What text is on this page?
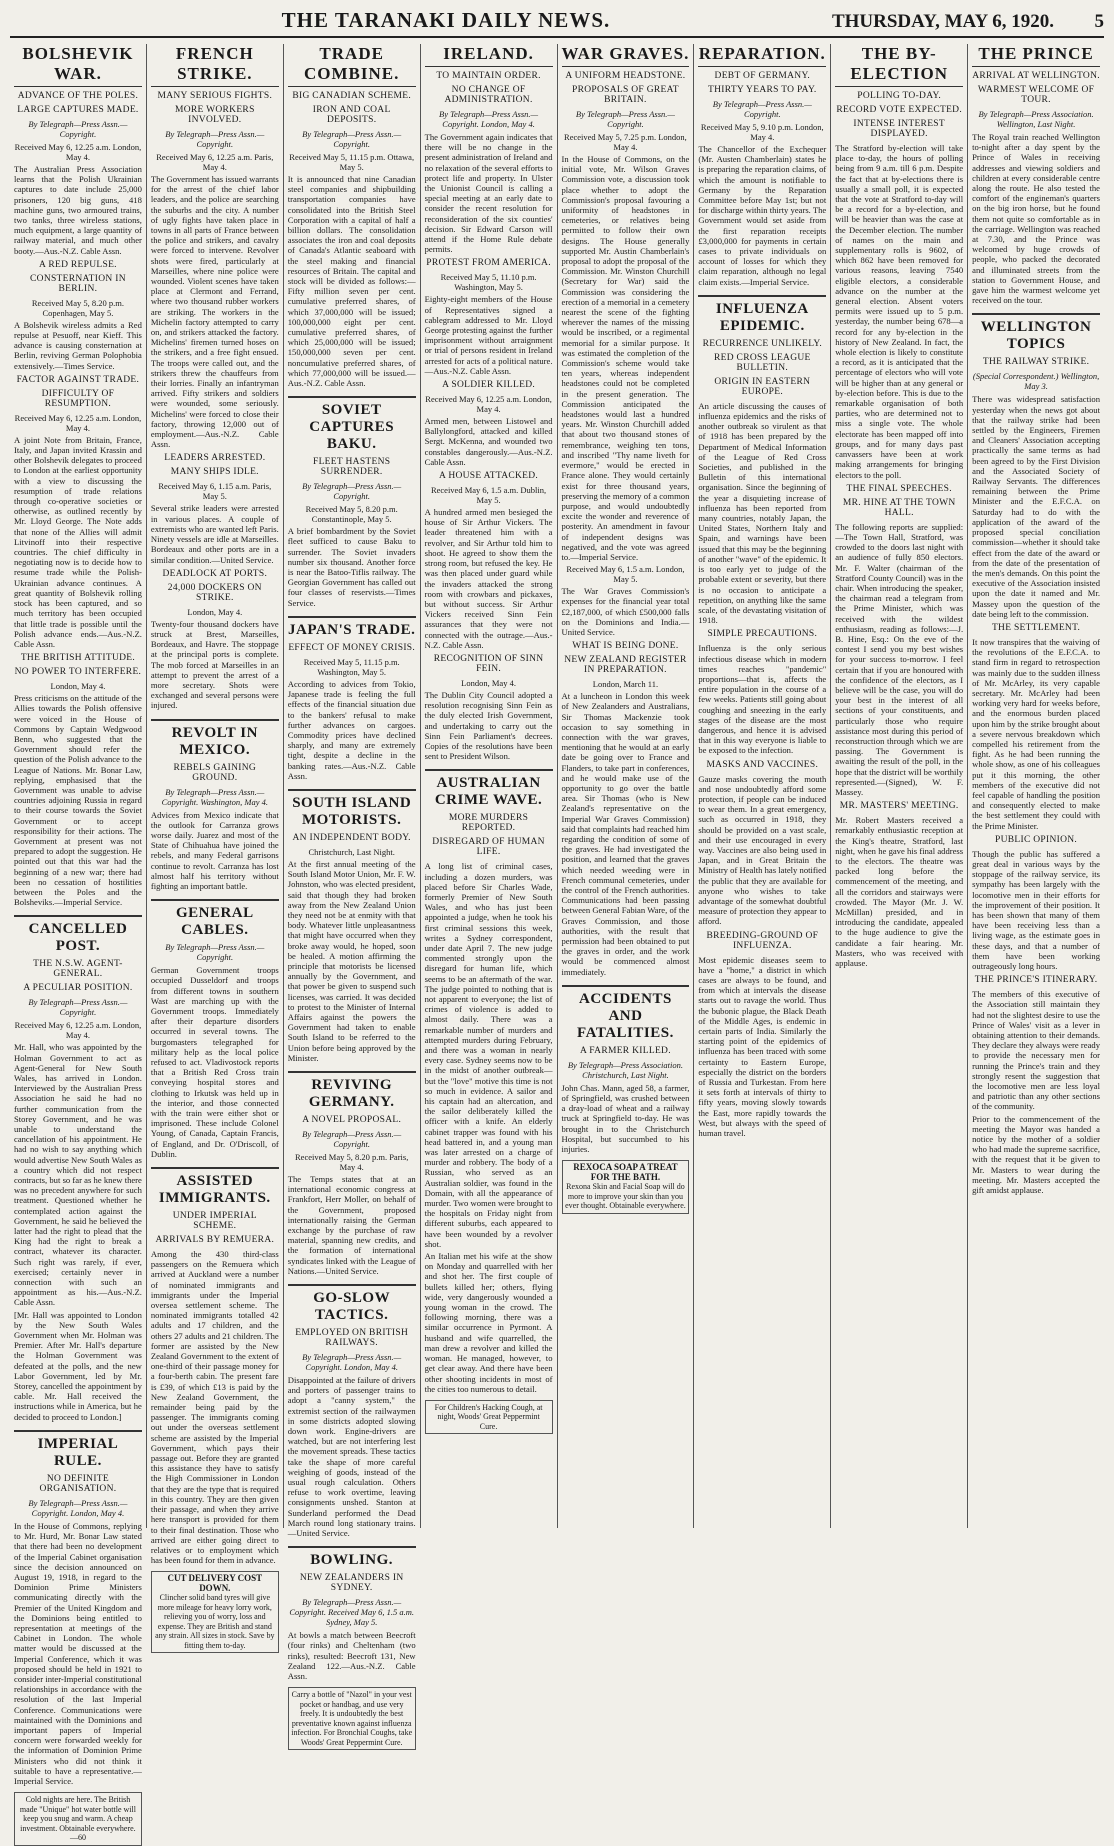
THE TARANAKI DAILY NEWS.	THURSDAY, MAY 6, 1920.	5
BOLSHEVIK WAR.
ADVANCE OF THE POLES.
LARGE CAPTURES MADE.
By Telegraph—Press Assn.—Copyright.
Received May 6, 12.25 a.m. London, May 4.

The Australian Press Association learns that the Polish Ukrainian captures to date include 25,000 prisoners, 120 big guns, 418 machine guns, two armoured trains, two tanks, three wireless stations, much equipment, a large quantity of railway material, and much other booty.—Aus.-N.Z. Cable Assn.

A RED REPULSE.
CONSTERNATION IN BERLIN.
Received May 5, 8.20 p.m. Copenhagen, May 5.

A Bolshevik wireless admits a Red repulse at Pesuoff, near Kieff. This advance is causing consternation at Berlin, reviving German Polophobia extensively.—Times Service.

FACTOR AGAINST TRADE.
DIFFICULTY OF RESUMPTION.
Received May 6, 12.25 a.m. London, May 4.

A joint Note from Britain, France, Italy, and Japan invited Krassin and other Bolshevik delegates to proceed to London at the earliest opportunity with a view to discussing the resumption of trade relations through co-operative societies or otherwise, as outlined recently by Mr. Lloyd George. The Note adds that none of the Allies will admit Litvinoff into their respective countries. The chief difficulty in negotiating now is to decide how to resume trade while the Polish-Ukrainian advance continues. A great quantity of Bolshevik rolling stock has been captured, and so much territory has been occupied that little trade is possible until the Polish advance ends.—Aus.-N.Z. Cable Assn.

THE BRITISH ATTITUDE.
NO POWER TO INTERFERE.
London, May 4.

Press criticisms on the attitude of the Allies towards the Polish offensive were voiced in the House of Commons by Captain Wedgwood Benn, who suggested that the Government should refer the question of the Polish advance to the League of Nations. Mr. Bonar Law, replying, emphasised that the Government was unable to advise countries adjoining Russia in regard to their course towards the Soviet Government or to accept responsibility for their actions. The Government at present was not prepared to adopt the suggestion. He pointed out that this war had the beginning of a new war; there had been no cessation of hostilities between the Poles and the Bolsheviks.—Imperial Service.

CANCELLED POST.
THE N.S.W. AGENT-GENERAL.
A PECULIAR POSITION.
By Telegraph—Press Assn.—Copyright.
Received May 6, 12.25 a.m. London, May 4.

Mr. Hall, who was appointed by the Holman Government to act as Agent-General for New South Wales, has arrived in London. Interviewed by the Australian Press Association he said he had no further communication from the Storey Government, and he was unable to understand the cancellation of his appointment. He had no wish to say anything which would advertise New South Wales as a country which did not respect contracts, but so far as he knew there was no precedent anywhere for such treatment. Questioned whether he contemplated action against the Government, he said he believed the latter had the right to plead that the King had the right to break a contract, whatever its character. Such right was rarely, if ever, exercised; certainly never in connection with such an appointment as his.—Aus.-N.Z. Cable Assn.

[Mr. Hall was appointed to London by the New South Wales Government when Mr. Holman was Premier. After Mr. Hall's departure the Holman Government was defeated at the polls, and the new Labor Government, led by Mr. Storey, cancelled the appointment by cable. Mr. Hall received the instructions while in America, but he decided to proceed to London.]

IMPERIAL RULE.
NO DEFINITE ORGANISATION.
By Telegraph—Press Assn.—Copyright. London, May 4.

In the House of Commons, replying to Mr. Hurd, Mr. Bonar Law stated that there had been no development of the Imperial Cabinet organisation since the decision announced on August 19, 1918, in regard to the Dominion Prime Ministers communicating directly with the Premier of the United Kingdom and the Dominions being entitled to representation at meetings of the Cabinet in London. The whole matter would be discussed at the Imperial Conference, which it was proposed should be held in 1921 to consider inter-Imperial constitutional relationships in accordance with the resolution of the last Imperial Conference. Communications were maintained with the Dominions and important papers of Imperial concern were forwarded weekly for the information of Dominion Prime Ministers who did not think it suitable to have a representative.—Imperial Service.

Cold nights are here. The British made "Unique" hot water bottle will keep you snug and warm. A cheap investment. Obtainable everywhere.—60
FRENCH STRIKE.
MANY SERIOUS FIGHTS.
MORE WORKERS INVOLVED.
By Telegraph—Press Assn.—Copyright.
Received May 6, 12.25 a.m. Paris, May 4.

The Government has issued warrants for the arrest of the chief labor leaders, and the police are searching the suburbs and the city. A number of ugly fights have taken place in towns in all parts of France between the police and strikers, and cavalry were forced to intervene. Revolver shots were fired, particularly at Marseilles, where nine police were wounded. Violent scenes have taken place at Clermont and Ferrand, where two thousand rubber workers are striking. The workers in the Michelin factory attempted to carry on, and strikers attacked the factory. Michelins' firemen turned hoses on the strikers, and a free fight ensued. The troops were called out, and the strikers threw the chauffeurs from their lorries. Finally an infantryman arrived. Fifty strikers and soldiers were wounded, some seriously. Michelins' were forced to close their factory, throwing 12,000 out of employment.—Aus.-N.Z. Cable Assn.

LEADERS ARRESTED.
MANY SHIPS IDLE.
Received May 6, 1.15 a.m. Paris, May 5.

Several strike leaders were arrested in various places. A couple of extremists who are wanted left Paris. Ninety vessels are idle at Marseilles. Bordeaux and other ports are in a similar condition.—United Service.

DEADLOCK AT PORTS.
24,000 DOCKERS ON STRIKE.
London, May 4.

Twenty-four thousand dockers have struck at Brest, Marseilles, Bordeaux, and Havre. The stoppage at the principal ports is complete. The mob forced at Marseilles in an attempt to prevent the arrest of a more secretary. Shots were exchanged and several persons were injured.

REVOLT IN MEXICO.
REBELS GAINING GROUND.
By Telegraph—Press Assn.—Copyright. Washington, May 4.

Advices from Mexico indicate that the outlook for Carranza grows worse daily. Juarez and most of the State of Chihuahua have joined the rebels, and many Federal garrisons continue to revolt. Carranza has lost almost half his territory without fighting an important battle.

GENERAL CABLES.
By Telegraph—Press Assn.—Copyright.

German Government troops occupied Dusseldorf and troops from different towns in southern Wast are marching up with the Government troops. Immediately after their departure disorders occurred in several towns. The burgomasters telegraphed for military help as the local police refused to act. Vladivostock reports that a British Red Cross train conveying hospital stores and clothing to Irkutsk was held up in the interior, and those connected with the train were either shot or imprisoned. These include Colonel Young, of Canada, Captain Francis, of England, and Dr. O'Driscoll, of Dublin.

ASSISTED IMMIGRANTS.
UNDER IMPERIAL SCHEME.
ARRIVALS BY REMUERA.

Among the 430 third-class passengers on the Remuera which arrived at Auckland were a number of nominated immigrants and immigrants under the Imperial oversea settlement scheme. The nominated immigrants totalled 42 adults and 17 children, and the others 27 adults and 21 children. The former are assisted by the New Zealand Government to the extent of one-third of their passage money for a four-berth cabin. The present fare is £39, of which £13 is paid by the New Zealand Government, the remainder being paid by the passenger. The immigrants coming out under the overseas settlement scheme are assisted by the Imperial Government, which pays their passage out. Before they are granted this assistance they have to satisfy the High Commissioner in London that they are the type that is required in this country. They are then given their passage, and when they arrive here transport is provided for them to their final destination. Those who arrived are either going direct to relatives or to employment which has been found for them in advance.

CUT DELIVERY COST DOWN.
Clincher solid band tyres will give more mileage for heavy lorry work, relieving you of worry, loss and expense. They are British and stand any strain. All sizes in stock. Save by fitting them to-day.
TRADE COMBINE.
BIG CANADIAN SCHEME.
IRON AND COAL DEPOSITS.
By Telegraph—Press Assn.—Copyright.
Received May 5, 11.15 p.m. Ottawa, May 5.

It is announced that nine Canadian steel companies and shipbuilding transportation companies have consolidated into the British Steel Corporation with a capital of half a billion dollars. The consolidation associates the iron and coal deposits of Canada's Atlantic seaboard with the steel making and financial resources of Britain. The capital and stock will be divided as follows:—Fifty million seven per cent. cumulative preferred shares, of which 37,000,000 will be issued; 100,000,000 eight per cent. cumulative preferred shares, of which 25,000,000 will be issued; 150,000,000 seven per cent. noncumulative preferred shares, of which 77,000,000 will be issued.—Aus.-N.Z. Cable Assn.

SOVIET CAPTURES BAKU.
FLEET HASTENS SURRENDER.
By Telegraph—Press Assn.—Copyright.
Received May 5, 8.20 p.m. Constantinople, May 5.

A brief bombardment by the Soviet fleet sufficed to cause Baku to surrender. The Soviet invaders number six thousand. Another force is near the Batoo-Tiflis railway. The Georgian Government has called out four classes of reservists.—Times Service.

JAPAN'S TRADE.
EFFECT OF MONEY CRISIS.
Received May 5, 11.15 p.m. Washington, May 5.

According to advices from Tokio, Japanese trade is feeling the full effects of the financial situation due to the bankers' refusal to make further advances on cargoes. Commodity prices have declined sharply, and many are extremely tight, despite a decline in the banking rates.—Aus.-N.Z. Cable Assn.

SOUTH ISLAND MOTORISTS.
AN INDEPENDENT BODY.
Christchurch, Last Night.

At the first annual meeting of the South Island Motor Union, Mr. F. W. Johnston, who was elected president, said that though they had broken away from the New Zealand Union they need not be at enmity with that body. Whatever little unpleasantness that might have occurred when they broke away would, he hoped, soon be healed. A motion affirming the principle that motorists be licensed annually by the Government, and that power be given to suspend such licenses, was carried. It was decided to protest to the Minister of Internal Affairs against the powers the Government had taken to enable South Island to be referred to the Union before being approved by the Minister.

REVIVING GERMANY.
A NOVEL PROPOSAL.
By Telegraph—Press Assn.—Copyright.
Received May 5, 8.20 p.m. Paris, May 4.

The Temps states that at an international economic congress at Frankfort, Herr Moller, on behalf of the Government, proposed internationally raising the German exchange by the purchase of raw material, spanning new credits, and the formation of international syndicates linked with the League of Nations.—United Service.

GO-SLOW TACTICS.
EMPLOYED ON BRITISH RAILWAYS.
By Telegraph—Press Assn.—Copyright. London, May 4.

Disappointed at the failure of drivers and porters of passenger trains to adopt a "canny system," the extremist section of the railwaymen in some districts adopted slowing down work. Engine-drivers are watched, but are not interfering lest the movement spreads. These tactics take the shape of more careful weighing of goods, instead of the usual rough calculation. Others refuse to work overtime, leaving consignments unshed. Stanton at Sunderland performed the Dead March round long stationary trains.—United Service.

BOWLING.
NEW ZEALANDERS IN SYDNEY.
By Telegraph—Press Assn.—Copyright. Received May 6, 1.5 a.m. Sydney, May 5.

At bowls a match between Beecroft (four rinks) and Cheltenham (two rinks), resulted: Beecroft 131, New Zealand 122.—Aus.-N.Z. Cable Assn.

Carry a bottle of "Nazol" in your vest pocket or handbag, and use very freely. It is undoubtedly the best preventative known against influenza infection. For Bronchial Coughs, take Woods' Great Peppermint Cure.
IRELAND.
TO MAINTAIN ORDER.
NO CHANGE OF ADMINISTRATION.
By Telegraph—Press Assn.—Copyright. London, May 4.

The Government again indicates that there will be no change in the present administration of Ireland and no relaxation of the several efforts to protect life and property. In Ulster the Unionist Council is calling a special meeting at an early date to consider the recent resolution for reconsideration of the six counties' decision. Sir Edward Carson will attend if the Home Rule debate permits.

PROTEST FROM AMERICA.
Received May 5, 11.10 p.m. Washington, May 5.

Eighty-eight members of the House of Representatives signed a cablegram addressed to Mr. Lloyd George protesting against the further imprisonment without arraignment or trial of persons resident in Ireland arrested for acts of a political nature.—Aus.-N.Z. Cable Assn.

A SOLDIER KILLED.
Received May 6, 12.25 a.m. London, May 4.

Armed men, between Listowel and Ballylongford, attacked and killed Sergt. McKenna, and wounded two constables dangerously.—Aus.-N.Z. Cable Assn.

A HOUSE ATTACKED.
Received May 6, 1.5 a.m. Dublin, May 5.

A hundred armed men besieged the house of Sir Arthur Vickers. The leader threatened him with a revolver, and Sir Arthur told him to shoot. He agreed to show them the strong room, but refused the key. He was then placed under guard while the invaders attacked the strong room with crowbars and pickaxes, but without success. Sir Arthur Vickers received Sinn Fein assurances that they were not connected with the outrage.—Aus.-N.Z. Cable Assn.

RECOGNITION OF SINN FEIN.
London, May 4.

The Dublin City Council adopted a resolution recognising Sinn Fein as the duly elected Irish Government, and undertaking to carry out the Sinn Fein Parliament's decrees. Copies of the resolutions have been sent to President Wilson.

AUSTRALIAN CRIME WAVE.
MORE MURDERS REPORTED.
DISREGARD OF HUMAN LIFE.

A long list of criminal cases, including a dozen murders, was placed before Sir Charles Wade, formerly Premier of New South Wales, and who has just been appointed a judge, when he took his first criminal sessions this week, writes a Sydney correspondent, under date April 7. The new judge commented strongly upon the disregard for human life, which seems to be an aftermath of the war. The judge pointed to nothing that is not apparent to everyone; the list of crimes of violence is added to almost daily. There was a remarkable number of murders and attempted murders during February, and there was a woman in nearly every case. Sydney seems now to be in the midst of another outbreak—but the "love" motive this time is not so much in evidence. A sailor and his captain had an altercation, and the sailor deliberately killed the officer with a knife. An elderly cabinet trapper was found with his head battered in, and a young man was later arrested on a charge of murder and robbery. The body of a Russian, who served as an Australian soldier, was found in the Domain, with all the appearance of murder. Two women were brought to the hospitals on Friday night from different suburbs, each appeared to have been wounded by a revolver shot.

An Italian met his wife at the show on Monday and quarrelled with her and shot her. The first couple of bullets killed her; others, flying wide, very dangerously wounded a young woman in the crowd. The following morning, there was a similar occurrence in Pyrmont. A husband and wife quarrelled, the man drew a revolver and killed the woman. He managed, however, to get clear away. And there have been other shooting incidents in most of the cities too numerous to detail.

For Children's Hacking Cough, at night, Woods' Great Peppermint Cure.
WAR GRAVES.
A UNIFORM HEADSTONE.
PROPOSALS OF GREAT BRITAIN.
By Telegraph—Press Assn.—Copyright.
Received May 5, 7.25 p.m. London, May 4.

In the House of Commons, on the initial vote, Mr. Wilson Graves Commission vote, a discussion took place whether to adopt the Commission's proposal favouring a uniformity of headstones in cemeteries, or relatives being permitted to follow their own designs. The House generally supported Mr. Austin Chamberlain's proposal to adopt the proposal of the Commission. Mr. Winston Churchill (Secretary for War) said the Commission was considering the erection of a memorial in a cemetery nearest the scene of the fighting wherever the names of the missing would be inscribed, or a regimental memorial for a similar purpose. It was estimated the completion of the Commission's scheme would take ten years, whereas independent headstones could not be completed in the present generation. The Commission anticipated the headstones would last a hundred years. Mr. Winston Churchill added that about two thousand stones of remembrance, weighing ten tons, and inscribed "Thy name liveth for evermore," would be erected in France alone. They would certainly exist for three thousand years, preserving the memory of a common purpose, and would undoubtedly excite the wonder and reverence of posterity. An amendment in favour of independent designs was negatived, and the vote was agreed to.—Imperial Service.

Received May 6, 1.5 a.m. London, May 5.

The War Graves Commission's expenses for the financial year total £2,187,000, of which £500,000 falls on the Dominions and India.—United Service.

WHAT IS BEING DONE.
NEW ZEALAND REGISTER IN PREPARATION.
London, March 11.

At a luncheon in London this week of New Zealanders and Australians, Sir Thomas Mackenzie took occasion to say something in connection with the war graves, mentioning that he would at an early date be going over to France and Flanders, to take part in conferences, and he would make use of the opportunity to go over the battle area. Sir Thomas (who is New Zealand's representative on the Imperial War Graves Commission) said that complaints had reached him regarding the condition of some of the graves. He had investigated the position, and learned that the graves which needed weeding were in French communal cemeteries, under the control of the French authorities. Communications had been passing between General Fabian Ware, of the Graves Commission, and those authorities, with the result that permission had been obtained to put the graves in order, and the work would be commenced almost immediately.

ACCIDENTS AND FATALITIES.
A FARMER KILLED.
By Telegraph—Press Association. Christchurch, Last Night.

John Chas. Mann, aged 58, a farmer, of Springfield, was crushed between a dray-load of wheat and a railway truck at Springfield to-day. He was brought in to the Christchurch Hospital, but succumbed to his injuries.

REXOCA SOAP A TREAT FOR THE BATH.
Rexona Skin and Facial Soap will do more to improve your skin than you ever thought. Obtainable everywhere.
REPARATION.
DEBT OF GERMANY.
THIRTY YEARS TO PAY.
By Telegraph—Press Assn.—Copyright.
Received May 5, 9.10 p.m. London, May 4.

The Chancellor of the Exchequer (Mr. Austen Chamberlain) states he is preparing the reparation claims, of which the amount is notifiable to Germany by the Reparation Committee before May 1st; but not for discharge within thirty years. The Government would set aside from the first reparation receipts £3,000,000 for payments in certain cases to private individuals on account of losses for which they claim reparation, although no legal claim exists.—Imperial Service.

INFLUENZA EPIDEMIC.
RECURRENCE UNLIKELY.
RED CROSS LEAGUE BULLETIN.
ORIGIN IN EASTERN EUROPE.

An article discussing the causes of influenza epidemics and the risks of another outbreak so virulent as that of 1918 has been prepared by the Department of Medical Information of the League of Red Cross Societies, and published in the Bulletin of this international organisation. Since the beginning of the year a disquieting increase of influenza has been reported from many countries, notably Japan, the United States, Northern Italy and Spain, and warnings have been issued that this may be the beginning of another "wave" of the epidemic. It is too early yet to judge of the probable extent or severity, but there is no occasion to anticipate a repetition, on anything like the same scale, of the devastating visitation of 1918.

SIMPLE PRECAUTIONS.

Influenza is the only serious infectious disease which in modern times reaches "pandemic" proportions—that is, affects the entire population in the course of a few weeks. Patients still going about coughing and sneezing in the early stages of the disease are the most dangerous, and hence it is advised that in this way everyone is liable to be exposed to the infection.

MASKS AND VACCINES.

Gauze masks covering the mouth and nose undoubtedly afford some protection, if people can be induced to wear them. In a great emergency, such as occurred in 1918, they should be provided on a vast scale, and their use encouraged in every way. Vaccines are also being used in Japan, and in Great Britain the Ministry of Health has lately notified the public that they are available for anyone who wishes to take advantage of the somewhat doubtful measure of protection they appear to afford.

BREEDING-GROUND OF INFLUENZA.

Most epidemic diseases seem to have a "home," a district in which cases are always to be found, and from which at intervals the disease starts out to ravage the world. Thus the bubonic plague, the Black Death of the Middle Ages, is endemic in certain parts of India. Similarly the starting point of the epidemics of influenza has been traced with some certainty to Eastern Europe, especially the district on the borders of Russia and Turkestan. From here it sets forth at intervals of thirty to fifty years, moving slowly towards the East, more rapidly towards the West, but always with the speed of human travel.

THE BY-ELECTION
POLLING TO-DAY.
RECORD VOTE EXPECTED.
INTENSE INTEREST DISPLAYED.

The Stratford by-election will take place to-day, the hours of polling being from 9 a.m. till 6 p.m. Despite the fact that at by-elections there is usually a small poll, it is expected that the vote at Stratford to-day will be a record for a by-election, and will be heavier than was the case at the December election. The number of names on the main and supplementary rolls is 9602, of which 862 have been removed for various reasons, leaving 7540 eligible electors, a considerable advance on the number at the general election. Absent voters permits were issued up to 5 p.m. yesterday, the number being 678—a record for any by-election in the history of New Zealand. In fact, the whole election is likely to constitute a record, as it is anticipated that the percentage of electors who will vote will be higher than at any general or by-election before. This is due to the remarkable organisation of both parties, who are determined not to miss a single vote. The whole electorate has been mapped off into groups, and for many days past canvassers have been at work making arrangements for bringing electors to the poll.

THE FINAL SPEECHES.
MR. HINE AT THE TOWN HALL.

The following reports are supplied:—The Town Hall, Stratford, was crowded to the doors last night with an audience of fully 850 electors. Mr. F. Walter (chairman of the Stratford County Council) was in the chair. When introducing the speaker, the chairman read a telegram from the Prime Minister, which was received with the wildest enthusiasm, reading as follows:—J. B. Hine, Esq.: On the eve of the contest I send you my best wishes for your success to-morrow. I feel certain that if you are honoured with the confidence of the electors, as I believe will be the case, you will do your best in the interest of all sections of your constituents, and particularly those who require assistance most during this period of reconstruction through which we are passing. The Government is awaiting the result of the poll, in the hope that the district will be worthily represented.—(Signed), W. F. Massey.

MR. MASTERS' MEETING.

Mr. Robert Masters received a remarkably enthusiastic reception at the King's theatre, Stratford, last night, when he gave his final address to the electors. The theatre was packed long before the commencement of the meeting, and all the corridors and stairways were crowded. The Mayor (Mr. J. W. McMillan) presided, and in introducing the candidate, appealed to the huge audience to give the candidate a fair hearing. Mr. Masters, who was received with applause.

THE PRINCE
ARRIVAL AT WELLINGTON.
WARMEST WELCOME OF TOUR.
By Telegraph—Press Association. Wellington, Last Night.

The Royal train reached Wellington to-night after a day spent by the Prince of Wales in receiving addresses and viewing soldiers and children at every considerable centre along the route. He also tested the comfort of the engineman's quarters on the big iron horse, but he found them not quite so comfortable as in the carriage. Wellington was reached at 7.30, and the Prince was welcomed by huge crowds of people, who packed the decorated and illuminated streets from the station to Government House, and gave him the warmest welcome yet received on the tour.

WELLINGTON TOPICS
THE RAILWAY STRIKE.
(Special Correspondent.) Wellington, May 3.

There was widespread satisfaction yesterday when the news got about that the railway strike had been settled by the Engineers, Firemen and Cleaners' Association accepting practically the same terms as had been agreed to by the First Division and the Associated Society of Railway Servants. The differences remaining between the Prime Minister and the E.F.C.A. on Saturday had to do with the application of the award of the proposed special conciliation commission—whether it should take effect from the date of the award or from the date of the presentation of the men's demands. On this point the executive of the Association insisted upon the date it named and Mr. Massey upon the question of the date being left to the commission.

THE SETTLEMENT.

It now transpires that the waiving of the revolutions of the E.F.C.A. to stand firm in regard to retrospection was mainly due to the sudden illness of Mr. McArley, its very capable secretary. Mr. McArley had been working very hard for weeks before, and the enormous burden placed upon him by the strike brought about a severe nervous breakdown which compelled his retirement from the fight. As he had been running the whole show, as one of his colleagues put it this morning, the other members of the executive did not feel capable of handling the position and consequently elected to make the best settlement they could with the Prime Minister.

PUBLIC OPINION.

Though the public has suffered a great deal in various ways by the stoppage of the railway service, its sympathy has been largely with the locomotive men in their efforts for the improvement of their position. It has been shown that many of them have been receiving less than a living wage, as the estimate goes in these days, and that a number of them have been working outrageously long hours.

THE PRINCE'S ITINERARY.

The members of this executive of the Association still maintain they had not the slightest desire to use the Prince of Wales' visit as a lever in obtaining attention to their demands. They declare they always were ready to provide the necessary men for running the Prince's train and they strongly resent the suggestion that the locomotive men are less loyal and patriotic than any other sections of the community.

Prior to the commencement of the meeting the Mayor was handed a notice by the mother of a soldier who had made the supreme sacrifice, with the request that it be given to Mr. Masters to wear during the meeting. Mr. Masters accepted the gift amidst applause.
